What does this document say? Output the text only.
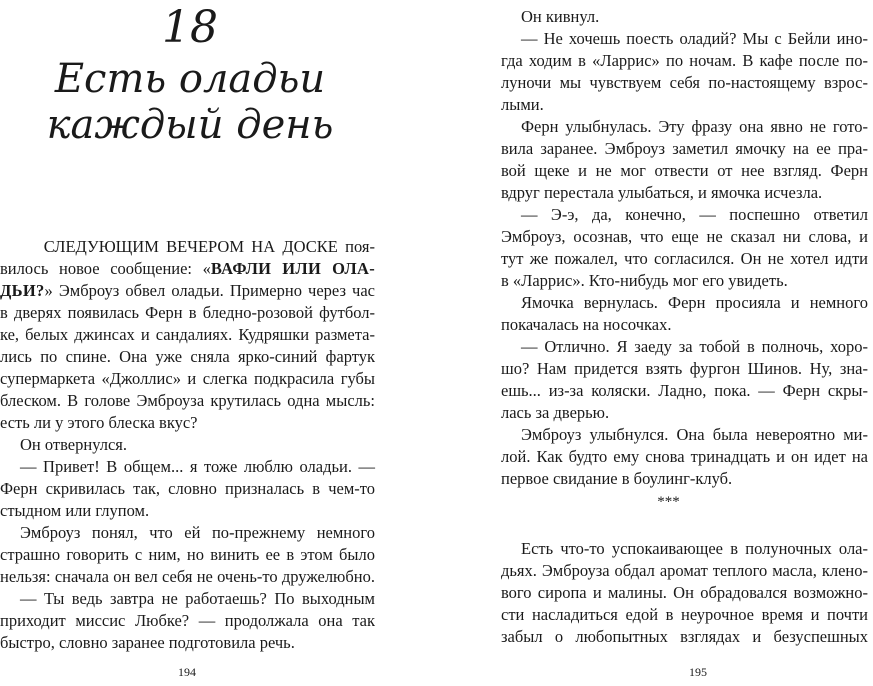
18
Есть оладьи
каждый день
СЛЕДУЮЩИМ ВЕЧЕРОМ НА ДОСКЕ поя-
вилось новое сообщение: «ВАФЛИ ИЛИ ОЛА-
ДЬИ?» Эмброуз обвел оладьи. Примерно через час
в дверях появилась Ферн в бледно-розовой футбол-
ке, белых джинсах и сандалиях. Кудряшки размета-
лись по спине. Она уже сняла ярко-синий фартук
супермаркета «Джоллис» и слегка подкрасила губы
блеском. В голове Эмброуза крутилась одна мысль:
есть ли у этого блеска вкус?
Он отвернулся.
— Привет! В общем... я тоже люблю оладьи. —
Ферн скривилась так, словно призналась в чем-то
стыдном или глупом.
Эмброуз понял, что ей по-прежнему немного
страшно говорить с ним, но винить ее в этом было
нельзя: сначала он вел себя не очень-то дружелюбно.
— Ты ведь завтра не работаешь? По выходным
приходит миссис Любке? — продолжала она так
быстро, словно заранее подготовила речь.
194
Он кивнул.
— Не хочешь поесть оладий? Мы с Бейли ино-
гда ходим в «Ларрис» по ночам. В кафе после по-
луночи мы чувствуем себя по-настоящему взрос-
лыми.
Ферн улыбнулась. Эту фразу она явно не гото-
вила заранее. Эмброуз заметил ямочку на ее пра-
вой щеке и не мог отвести от нее взгляд. Ферн
вдруг перестала улыбаться, и ямочка исчезла.
— Э-э, да, конечно, — поспешно ответил
Эмброуз, осознав, что еще не сказал ни слова, и
тут же пожалел, что согласился. Он не хотел идти
в «Ларрис». Кто-нибудь мог его увидеть.
Ямочка вернулась. Ферн просияла и немного
покачалась на носочках.
— Отлично. Я заеду за тобой в полночь, хоро-
шо? Нам придется взять фургон Шинов. Ну, зна-
ешь... из-за коляски. Ладно, пока. — Ферн скры-
лась за дверью.
Эмброуз улыбнулся. Она была невероятно ми-
лой. Как будто ему снова тринадцать и он идет на
первое свидание в боулинг-клуб.
***
Есть что-то успокаивающее в полуночных ола-
дьях. Эмброуза обдал аромат теплого масла, клено-
вого сиропа и малины. Он обрадовался возможно-
сти насладиться едой в неурочное время и почти
забыл о любопытных взглядах и безуспешных
195
